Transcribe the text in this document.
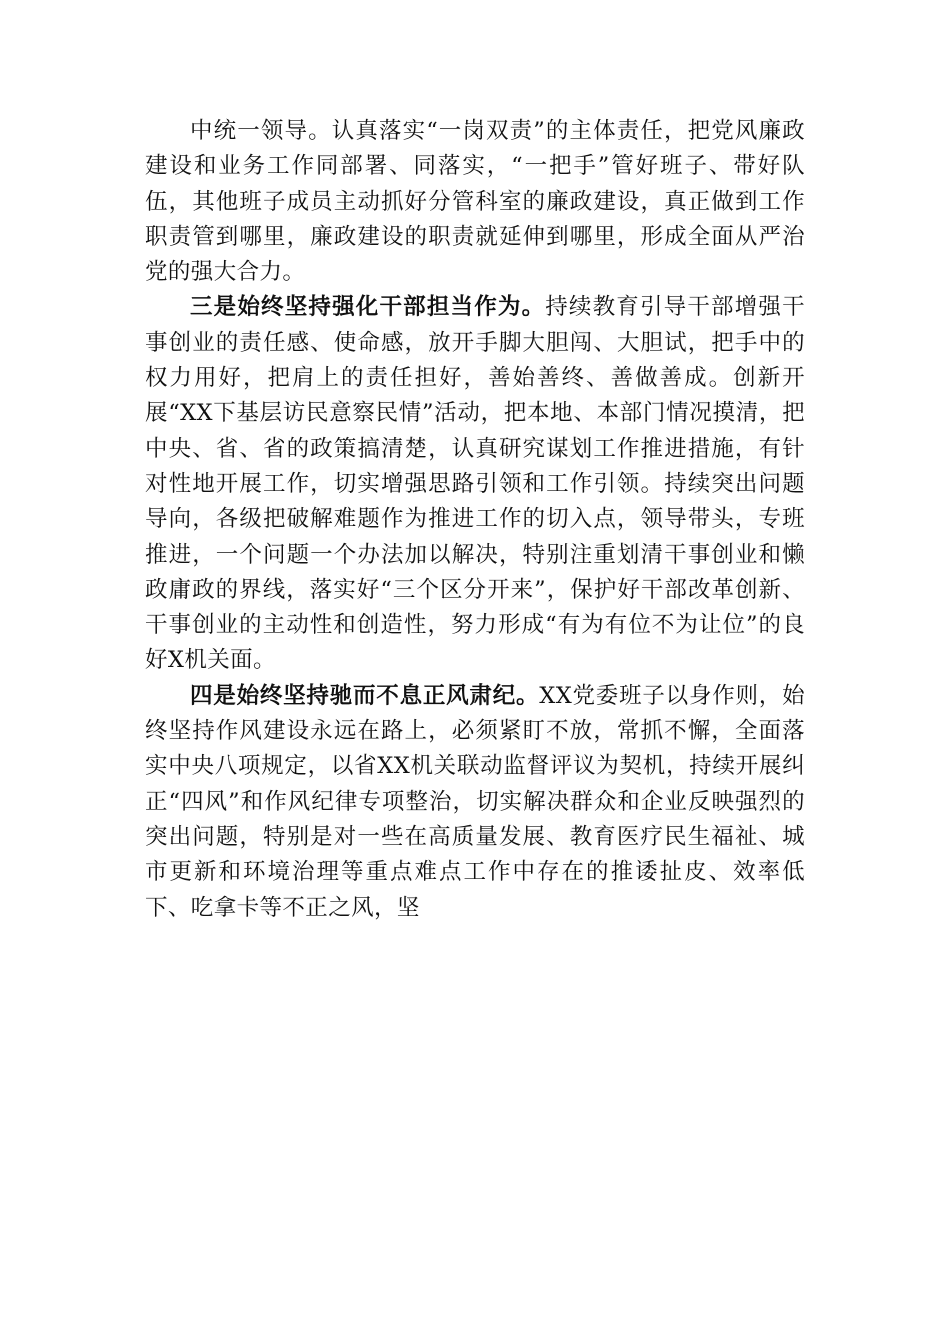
中统一领导。认真落实“一岗双责”的主体责任，把党风廉政建设和业务工作同部署、同落实，“一把手”管好班子、带好队伍，其他班子成员主动抓好分管科室的廉政建设，真正做到工作职责管到哪里，廉政建设的职责就延伸到哪里，形成全面从严治党的强大合力。

三是始终坚持强化干部担当作为。持续教育引导干部增强干事创业的责任感、使命感，放开手脚大胆闯、大胆试，把手中的权力用好，把肩上的责任担好，善始善终、善做善成。创新开展“XX下基层访民意察民情”活动，把本地、本部门情况摸清，把中央、省、省的政策搞清楚，认真研究谋划工作推进措施，有针对性地开展工作，切实增强思路引领和工作引领。持续突出问题导向，各级把破解难题作为推进工作的切入点，领导带头，专班推进，一个问题一个办法加以解决，特别注重划清干事创业和懒政庸政的界线，落实好“三个区分开来”，保护好干部改革创新、干事创业的主动性和创造性，努力形成“有为有位不为让位”的良好X机关面。

四是始终坚持驰而不息正风肃纪。XX党委班子以身作则，始终坚持作风建设永远在路上，必须紧盯不放，常抓不懈，全面落实中央八项规定，以省XX机关联动监督评议为契机，持续开展纠正“四风”和作风纪律专项整治，切实解决群众和企业反映强烈的突出问题，特别是对一些在高质量发展、教育医疗民生福祉、城市更新和环境治理等重点难点工作中存在的推诿扯皮、效率低下、吃拿卡等不正之风，坚
